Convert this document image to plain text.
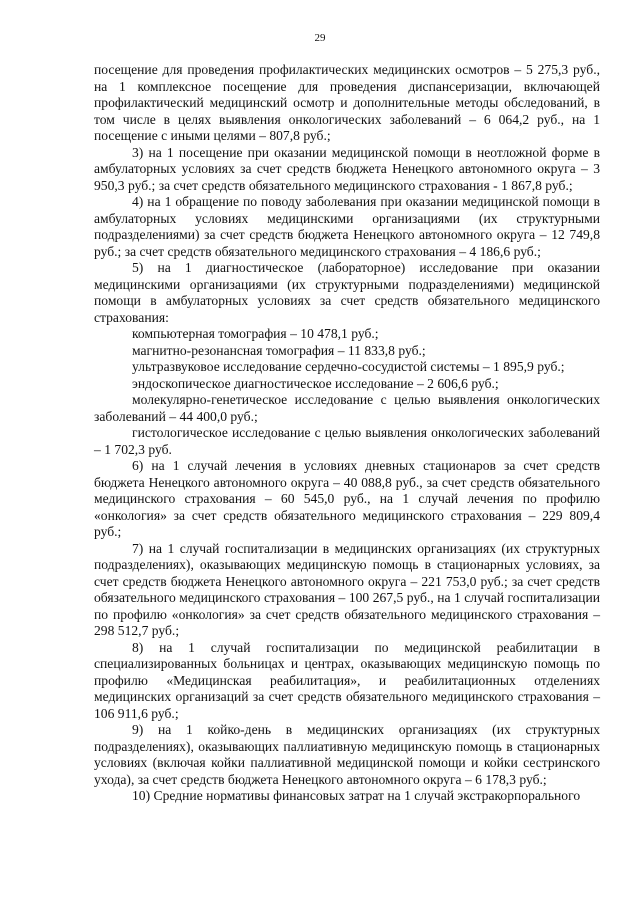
29

посещение для проведения профилактических медицинских осмотров – 5 275,3 руб., на 1 комплексное посещение для проведения диспансеризации, включающей профилактический медицинский осмотр и дополнительные методы обследований, в том числе в целях выявления онкологических заболеваний – 6 064,2 руб., на 1 посещение с иными целями – 807,8 руб.;

3) на 1 посещение при оказании медицинской помощи в неотложной форме в амбулаторных условиях за счет средств бюджета Ненецкого автономного округа – 3 950,3 руб.; за счет средств обязательного медицинского страхования - 1 867,8 руб.;

4) на 1 обращение по поводу заболевания при оказании медицинской помощи в амбулаторных условиях медицинскими организациями (их структурными подразделениями) за счет средств бюджета Ненецкого автономного округа – 12 749,8 руб.; за счет средств обязательного медицинского страхования – 4 186,6 руб.;

5) на 1 диагностическое (лабораторное) исследование при оказании медицинскими организациями (их структурными подразделениями) медицинской помощи в амбулаторных условиях за счет средств обязательного медицинского страхования:

компьютерная томография – 10 478,1 руб.;

магнитно-резонансная томография – 11 833,8 руб.;

ультразвуковое исследование сердечно-сосудистой системы – 1 895,9 руб.;

эндоскопическое диагностическое исследование – 2 606,6 руб.;

молекулярно-генетическое исследование с целью выявления онкологических заболеваний – 44 400,0 руб.;

гистологическое исследование с целью выявления онкологических заболеваний – 1 702,3 руб.

6) на 1 случай лечения в условиях дневных стационаров за счет средств бюджета Ненецкого автономного округа – 40 088,8 руб., за счет средств обязательного медицинского страхования – 60 545,0 руб., на 1 случай лечения по профилю «онкология» за счет средств обязательного медицинского страхования – 229 809,4 руб.;

7) на 1 случай госпитализации в медицинских организациях (их структурных подразделениях), оказывающих медицинскую помощь в стационарных условиях, за счет средств бюджета Ненецкого автономного округа – 221 753,0 руб.; за счет средств обязательного медицинского страхования – 100 267,5 руб., на 1 случай госпитализации по профилю «онкология» за счет средств обязательного медицинского страхования – 298 512,7 руб.;

8) на 1 случай госпитализации по медицинской реабилитации в специализированных больницах и центрах, оказывающих медицинскую помощь по профилю «Медицинская реабилитация», и реабилитационных отделениях медицинских организаций за счет средств обязательного медицинского страхования – 106 911,6 руб.;

9) на 1 койко-день в медицинских организациях (их структурных подразделениях), оказывающих паллиативную медицинскую помощь в стационарных условиях (включая койки паллиативной медицинской помощи и койки сестринского ухода), за счет средств бюджета Ненецкого автономного округа – 6 178,3 руб.;

10) Средние нормативы финансовых затрат на 1 случай экстракорпорального
